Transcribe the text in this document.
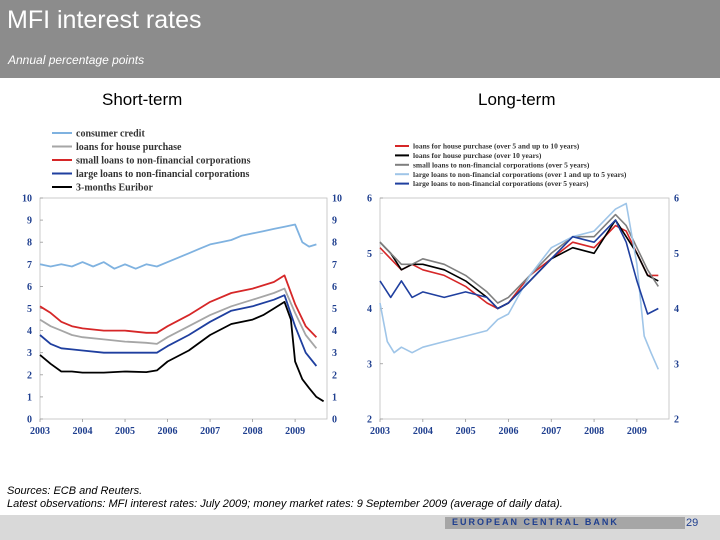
MFI interest rates
Annual percentage points
Short-term	Long-term
0	0
1	1
2	2
3	3
4	4
5	5
6	6
7	7
8	8
9	9
10	10
2003 2004 2005 2006 2007 2008 2009
consumer credit
loans for house purchase
small loans to non-financial corporations
large loans to non-financial corporations
3-months Euribor
2	2
3	3
4	4
5	5
6	6
2003 2004 2005 2006 2007 2008 2009
loans for house purchase (over 5 and up to 10 years)
loans for house purchase (over 10 years)
small loans to non-financial corporations (over 5 years)
large loans to non-financial corporations (over 1 and up to 5 years)
large loans to non-financial corporations (over 5 years)
Sources: ECB and Reuters.
Latest observations: MFI interest rates: July 2009; money market rates: 9 September 2009 (average of daily data).
EUROPEAN CENTRAL BANK	29
